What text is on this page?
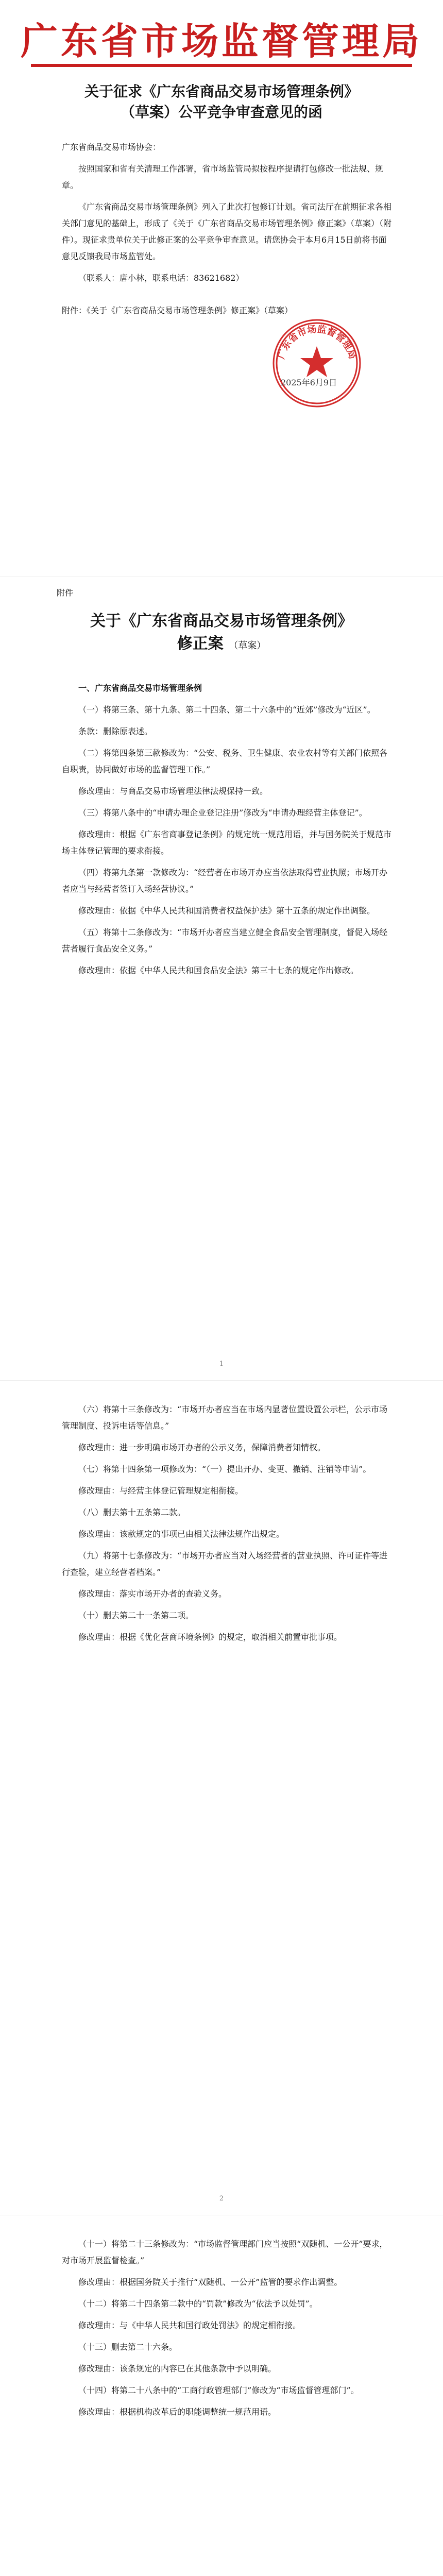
广东省市场监督管理局
关于征求《广东省商品交易市场管理条例》
（草案）公平竞争审查意见的函
广东省商品交易市场协会：

按照国家和省有关清理工作部署，省市场监管局拟按程序提请打包修改一批法规、规章。

《广东省商品交易市场管理条例》列入了此次打包修订计划。省司法厅在前期征求各相关部门意见的基础上，形成了《关于《广东省商品交易市场管理条例》修正案》（草案）（附件）。现征求贵单位关于此修正案的公平竞争审查意见。请您协会于本月6月15日前将书面意见反馈我局市场监管处。

（联系人：唐小林，联系电话：83621682）
附件：《关于《广东省商品交易市场管理条例》修正案》（草案）
广东省市场监督管理局
2025年6月9日
附件
关于《广东省商品交易市场管理条例》
修正案 （草案）
一、广东省商品交易市场管理条例

（一）将第三条、第十九条、第二十四条、第二十六条中的“近郊”修改为“近区”。

条款：删除原表述。

（二）将第四条第三款修改为：“公安、税务、卫生健康、农业农村等有关部门依照各自职责，协同做好市场的监督管理工作。”

修改理由：与商品交易市场管理法律法规保持一致。

（三）将第八条中的“申请办理企业登记注册”修改为“申请办理经营主体登记”。

修改理由：根据《广东省商事登记条例》的规定统一规范用语，并与国务院关于规范市场主体登记管理的要求衔接。

（四）将第九条第一款修改为：“经营者在市场开办应当依法取得营业执照；市场开办者应当与经营者签订入场经营协议。”

修改理由：依据《中华人民共和国消费者权益保护法》第十五条的规定作出调整。

（五）将第十二条修改为：“市场开办者应当建立健全食品安全管理制度，督促入场经营者履行食品安全义务。”

修改理由：依据《中华人民共和国食品安全法》第三十七条的规定作出修改。

1

（六）将第十三条修改为：“市场开办者应当在市场内显著位置设置公示栏，公示市场管理制度、投诉电话等信息。”

修改理由：进一步明确市场开办者的公示义务，保障消费者知情权。

（七）将第十四条第一项修改为：“（一）提出开办、变更、撤销、注销等申请”。

修改理由：与经营主体登记管理规定相衔接。

（八）删去第十五条第二款。

修改理由：该款规定的事项已由相关法律法规作出规定。

（九）将第十七条修改为：“市场开办者应当对入场经营者的营业执照、许可证件等进行查验，建立经营者档案。”

修改理由：落实市场开办者的查验义务。

（十）删去第二十一条第二项。

修改理由：根据《优化营商环境条例》的规定，取消相关前置审批事项。

2

（十一）将第二十三条修改为：“市场监督管理部门应当按照“双随机、一公开”要求，对市场开展监督检查。”

修改理由：根据国务院关于推行“双随机、一公开”监管的要求作出调整。

（十二）将第二十四条第二款中的“罚款”修改为“依法予以处罚”。

修改理由：与《中华人民共和国行政处罚法》的规定相衔接。

（十三）删去第二十六条。

修改理由：该条规定的内容已在其他条款中予以明确。

（十四）将第二十八条中的“工商行政管理部门”修改为“市场监督管理部门”。

修改理由：根据机构改革后的职能调整统一规范用语。
